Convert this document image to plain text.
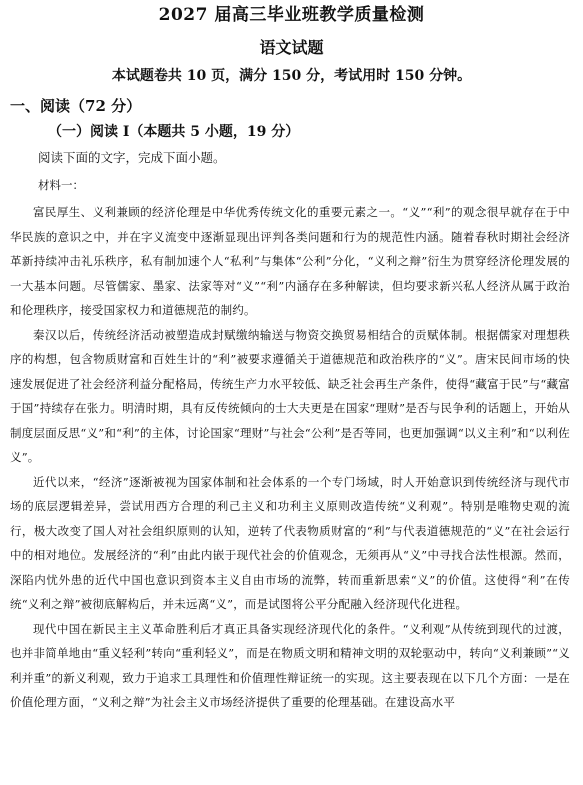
2027 届高三毕业班教学质量检测
语文试题
本试题卷共 10 页，满分 150 分，考试用时 150 分钟。
一、阅读（72 分）
（一）阅读 I（本题共 5 小题，19 分）
阅读下面的文字，完成下面小题。
材料一：

富民厚生、义利兼顾的经济伦理是中华优秀传统文化的重要元素之一。“义”“利”的观念很早就存在于中华民族的意识之中，并在字义流变中逐渐显现出评判各类问题和行为的规范性内涵。随着春秋时期社会经济革新持续冲击礼乐秩序，私有制加速个人“私利”与集体“公利”分化，“义利之辩”衍生为贯穿经济伦理发展的一大基本问题。尽管儒家、墨家、法家等对“义”“利”内涵存在多种解读，但均要求新兴私人经济从属于政治和伦理秩序，接受国家权力和道德规范的制约。

秦汉以后，传统经济活动被塑造成封赋缴纳输送与物资交换贸易相结合的贡赋体制。根据儒家对理想秩序的构想，包含物质财富和百姓生计的“利”被要求遵循关于道德规范和政治秩序的“义”。唐宋民间市场的快速发展促进了社会经济利益分配格局，传统生产力水平较低、缺乏社会再生产条件，使得“藏富于民”与“藏富于国”持续存在张力。明清时期，具有反传统倾向的士大夫更是在国家“理财”是否与民争利的话题上，开始从制度层面反思“义”和“利”的主体，讨论国家“理财”与社会“公利”是否等同，也更加强调“以义主利”和“以利佐义”。

近代以来，“经济”逐渐被视为国家体制和社会体系的一个专门场域，时人开始意识到传统经济与现代市场的底层逻辑差异，尝试用西方合理的利己主义和功利主义原则改造传统“义利观”。特别是唯物史观的流行，极大改变了国人对社会组织原则的认知，逆转了代表物质财富的“利”与代表道德规范的“义”在社会运行中的相对地位。发展经济的“利”由此内嵌于现代社会的价值观念，无须再从“义”中寻找合法性根源。然而，深陷内忧外患的近代中国也意识到资本主义自由市场的流弊，转而重新思索“义”的价值。这使得“利”在传统“义利之辩”被彻底解构后，并未远离“义”，而是试图将公平分配融入经济现代化进程。

现代中国在新民主主义革命胜利后才真正具备实现经济现代化的条件。“义利观”从传统到现代的过渡，也并非简单地由“重义轻利”转向“重利轻义”，而是在物质文明和精神文明的双轮驱动中，转向“义利兼顾”“义利并重”的新义利观，致力于追求工具理性和价值理性辩证统一的实现。这主要表现在以下几个方面：一是在价值伦理方面，“义利之辩”为社会主义市场经济提供了重要的伦理基础。在建设高水平
